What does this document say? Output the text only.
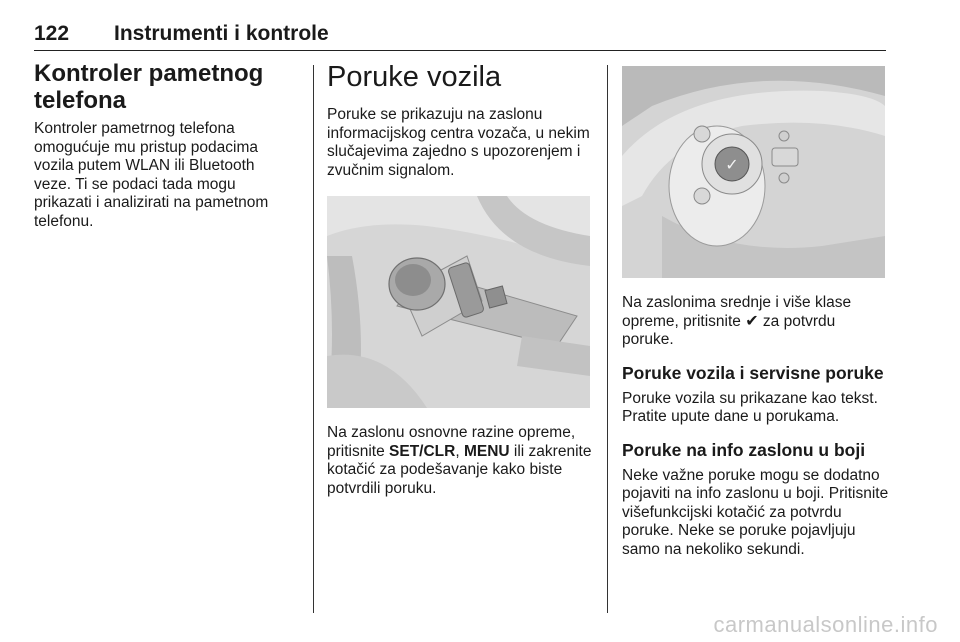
122 Instrumenti i kontrole
Kontroler pametnog telefona

Kontroler pametrnog telefona omogućuje mu pristup podacima vozila putem WLAN ili Bluetooth veze. Ti se podaci tada mogu prikazati i analizirati na pametnom telefonu.

Poruke vozila

Poruke se prikazuju na zaslonu informacijskog centra vozača, u nekim slučajevima zajedno s upozorenjem i zvučnim signalom.

Na zaslonu osnovne razine opreme, pritisnite SET/CLR, MENU ili zakrenite kotačić za podešavanje kako biste potvrdili poruku.

✓

Na zaslonima srednje i više klase opreme, pritisnite ✔ za potvrdu poruke.

Poruke vozila i servisne poruke

Poruke vozila su prikazane kao tekst. Pratite upute dane u porukama.

Poruke na info zaslonu u boji

Neke važne poruke mogu se dodatno pojaviti na info zaslonu u boji. Pritisnite višefunkcijski kotačić za potvrdu poruke. Neke se poruke pojavljuju samo na nekoliko sekundi.

carmanualsonline.info
